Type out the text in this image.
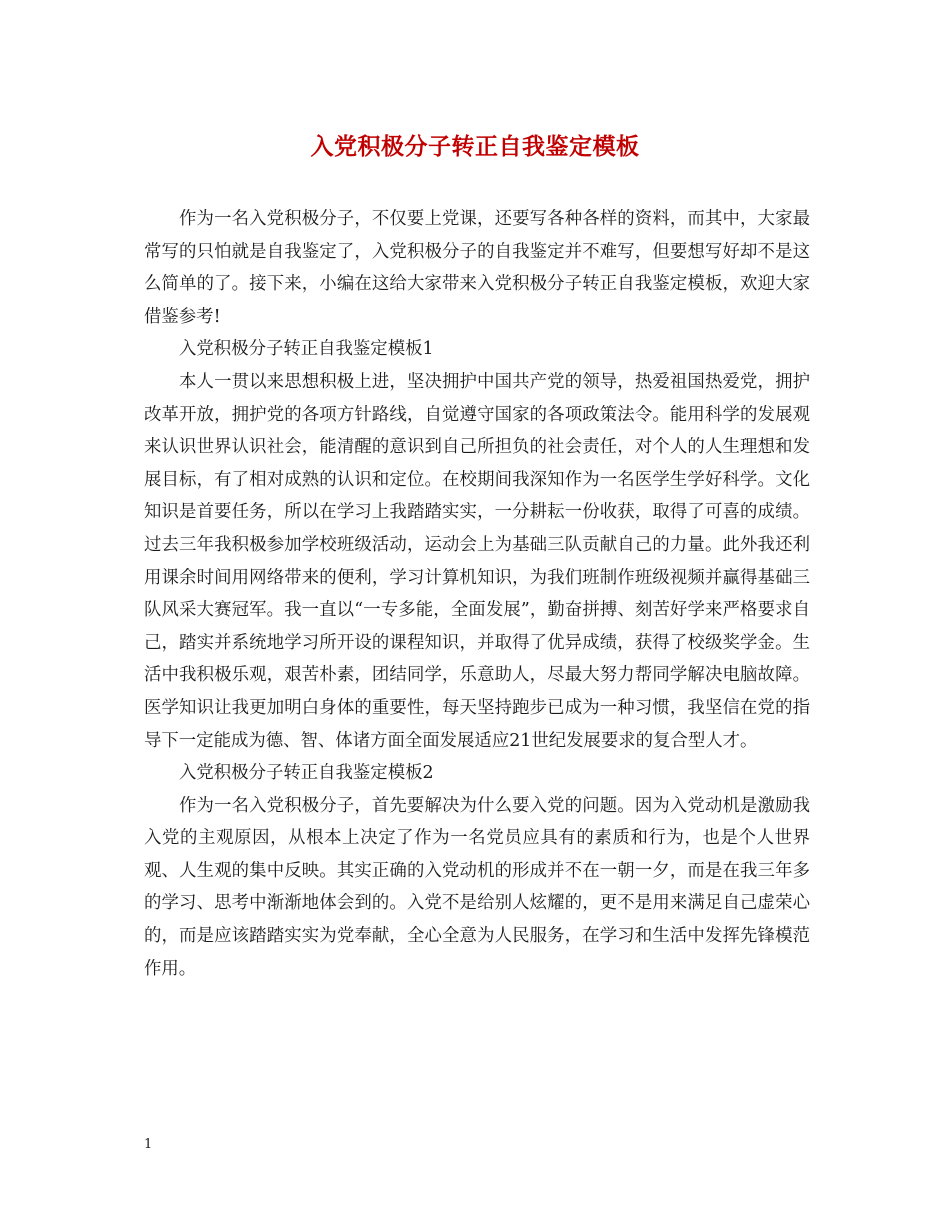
入党积极分子转正自我鉴定模板

作为一名入党积极分子，不仅要上党课，还要写各种各样的资料，而其中，大家最常写的只怕就是自我鉴定了，入党积极分子的自我鉴定并不难写，但要想写好却不是这么简单的了。接下来，小编在这给大家带来入党积极分子转正自我鉴定模板，欢迎大家借鉴参考!

入党积极分子转正自我鉴定模板1

本人一贯以来思想积极上进，坚决拥护中国共产党的领导，热爱祖国热爱党，拥护改革开放，拥护党的各项方针路线，自觉遵守国家的各项政策法令。能用科学的发展观来认识世界认识社会，能清醒的意识到自己所担负的社会责任，对个人的人生理想和发展目标，有了相对成熟的认识和定位。在校期间我深知作为一名医学生学好科学。文化知识是首要任务，所以在学习上我踏踏实实，一分耕耘一份收获，取得了可喜的成绩。过去三年我积极参加学校班级活动，运动会上为基础三队贡献自己的力量。此外我还利用课余时间用网络带来的便利，学习计算机知识，为我们班制作班级视频并赢得基础三队风采大赛冠军。我一直以“一专多能，全面发展”，勤奋拼搏、刻苦好学来严格要求自己，踏实并系统地学习所开设的课程知识，并取得了优异成绩，获得了校级奖学金。生活中我积极乐观，艰苦朴素，团结同学，乐意助人，尽最大努力帮同学解决电脑故障。医学知识让我更加明白身体的重要性，每天坚持跑步已成为一种习惯，我坚信在党的指导下一定能成为德、智、体诸方面全面发展适应21世纪发展要求的复合型人才。

入党积极分子转正自我鉴定模板2

作为一名入党积极分子，首先要解决为什么要入党的问题。因为入党动机是激励我入党的主观原因，从根本上决定了作为一名党员应具有的素质和行为，也是个人世界观、人生观的集中反映。其实正确的入党动机的形成并不在一朝一夕，而是在我三年多的学习、思考中渐渐地体会到的。入党不是给别人炫耀的，更不是用来满足自己虚荣心的，而是应该踏踏实实为党奉献，全心全意为人民服务，在学习和生活中发挥先锋模范作用。

1
